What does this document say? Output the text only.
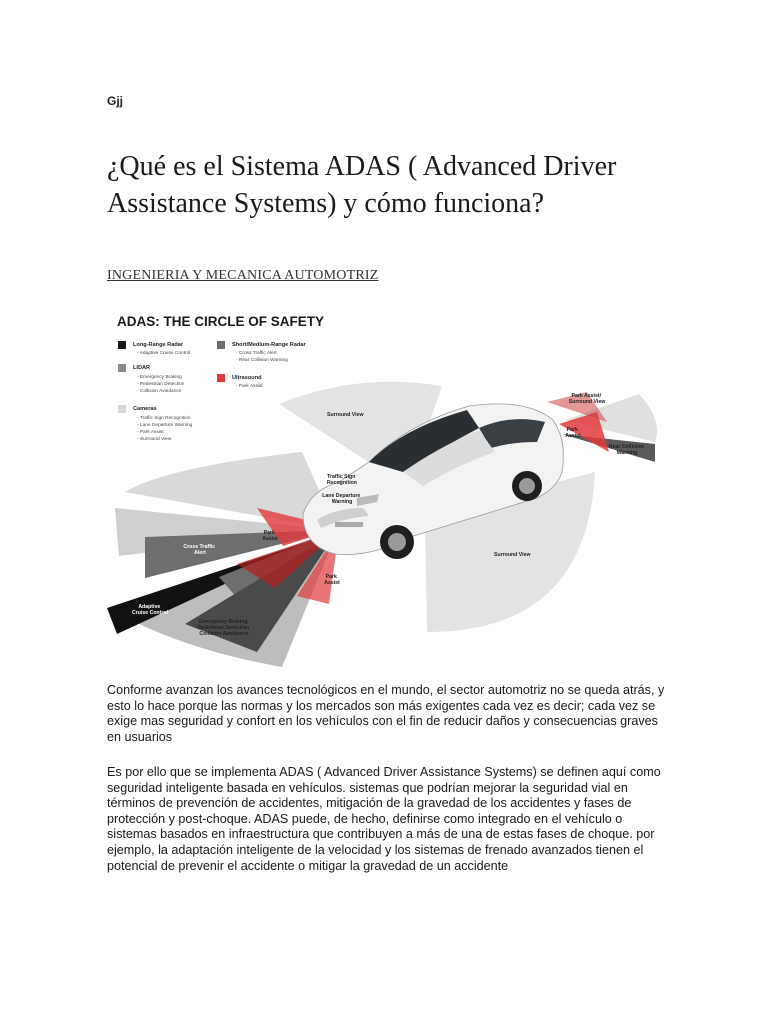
Gjj
¿Qué es el Sistema ADAS ( Advanced Driver Assistance Systems) y cómo funciona?
INGENIERIA Y MECANICA AUTOMOTRIZ
ADAS: THE CIRCLE OF SAFETY
Long-Range Radar
- Adaptive Cruise Control
LIDAR
- Emergency Braking
- Pedestrian Detection
- Collision Avoidance
Cameras
- Traffic Sign Recognition
- Lane Departure Warning
- Park Assist
- Surround View
Short/Medium-Range Radar
- Cross Traffic Alert
- Rear Collision Warning
Ultrasound
- Park Assist
Surround View
Park Assist/ Surround View
Park Assist
Rear Collision Warning
Traffic Sign Recognition
Lane Departure Warning
Surround View
Cross Traffic Alert
Park Assist
Park Assist
Adaptive Cruise Control
Emergency Braking Pedestrian Detection Collision Avoidance

Conforme avanzan los avances tecnológicos en el mundo, el sector automotriz no se queda atrás, y esto lo hace porque las normas y los mercados son más exigentes cada vez es decir; cada vez se exige mas seguridad y confort en los vehículos con el fin de reducir daños y consecuencias graves en usuarios

Es por ello que se implementa ADAS ( Advanced Driver Assistance Systems) se definen aquí como seguridad inteligente basada en vehículos. sistemas que podrían mejorar la seguridad vial en términos de prevención de accidentes, mitigación de la gravedad de los accidentes y fases de protección y post-choque. ADAS puede, de hecho, definirse como integrado en el vehículo o sistemas basados en infraestructura que contribuyen a más de una de estas fases de choque. por ejemplo, la adaptación inteligente de la velocidad y los sistemas de frenado avanzados tienen el potencial de prevenir el accidente o mitigar la gravedad de un accidente
